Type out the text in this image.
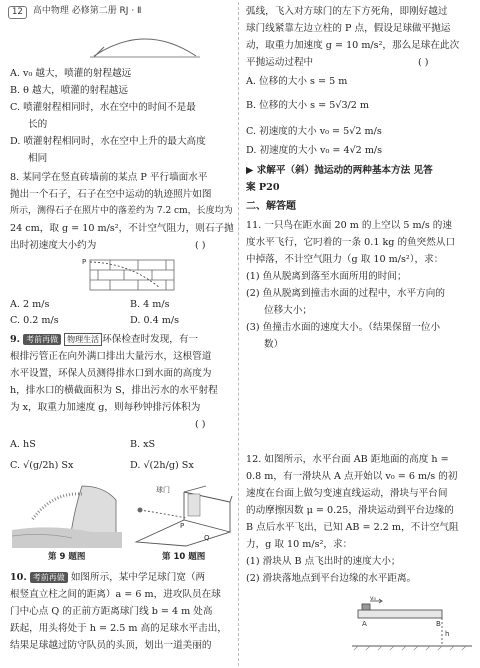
12	高中物理 必修第二册 RJ · Ⅱ
A. v₀ 越大，喷灌的射程越远
B. θ 越大，喷灌的射程越远
C. 喷灌射程相同时，水在空中的时间不是最
长的
D. 喷灌射程相同时，水在空中上升的最大高度
相同
8. 某同学在竖直砖墙前的某点 P 平行墙面水平
抛出一个石子，石子在空中运动的轨迹照片如图
所示，测得石子在照片中的落差约为 7.2 cm，长度均为
24 cm，取 g = 10 m/s²，不计空气阻力，则石子抛
出时初速度大小约为	( )
P
A. 2 m/s	B. 4 m/s
C. 0.2 m/s	D. 0.4 m/s
9. 考前再做 物理生活 环保检查时发现，有一
根排污管正在向外满口排出大量污水，这根管道
水平设置，环保人员测得排水口到水面的高度为
h，排水口的横截面积为 S，排出污水的水平射程
为 x，取重力加速度 g，则每秒钟排污体积为
( )
A. hS	B. xS
C. √(g/2h) Sx	D. √(2h/g) Sx
第 9 题图
球门
P
Q
第 10 题图
10. 考前再做 如图所示，某中学足球门宽（两
根竖直立柱之间的距离）a = 6 m，进攻队员在球
门中心点 Q 的正前方距离球门线 b = 4 m 处高
跃起，用头将处于 h = 2.5 m 高的足球水平击出，
结果足球越过防守队员的头顶，划出一道美丽的
弧线，飞入对方球门的左下方死角，即刚好越过
球门线紧靠左边立柱的 P 点，假设足球做平抛运
动，取重力加速度 g = 10 m/s²，那么足球在此次
平抛运动过程中	( )
A. 位移的大小 s = 5 m
B. 位移的大小 s = 5√3/2 m
C. 初速度的大小 v₀ = 5√2 m/s
D. 初速度的大小 v₀ = 4√2 m/s
▶ 求解平（斜）抛运动的两种基本方法 见答
案 P20
二、解答题
11. 一只鸟在距水面 20 m 的上空以 5 m/s 的速
度水平飞行，它叼着的一条 0.1 kg 的鱼突然从口
中掉落，不计空气阻力（g 取 10 m/s²），求：
(1) 鱼从脱离到落至水面所用的时间；
(2) 鱼从脱离到撞击水面的过程中，水平方向的
位移大小；
(3) 鱼撞击水面的速度大小。（结果保留一位小
数）
12. 如图所示，水平台面 AB 距地面的高度 h =
0.8 m，有一滑块从 A 点开始以 v₀ = 6 m/s 的初
速度在台面上做匀变速直线运动，滑块与平台间
的动摩擦因数 μ = 0.25，滑块运动到平台边缘的
B 点后水平飞出，已知 AB = 2.2 m，不计空气阻
力，g 取 10 m/s²，求：
(1) 滑块从 B 点飞出时的速度大小；
(2) 滑块落地点到平台边缘的水平距离。
v₀
A	B
h
